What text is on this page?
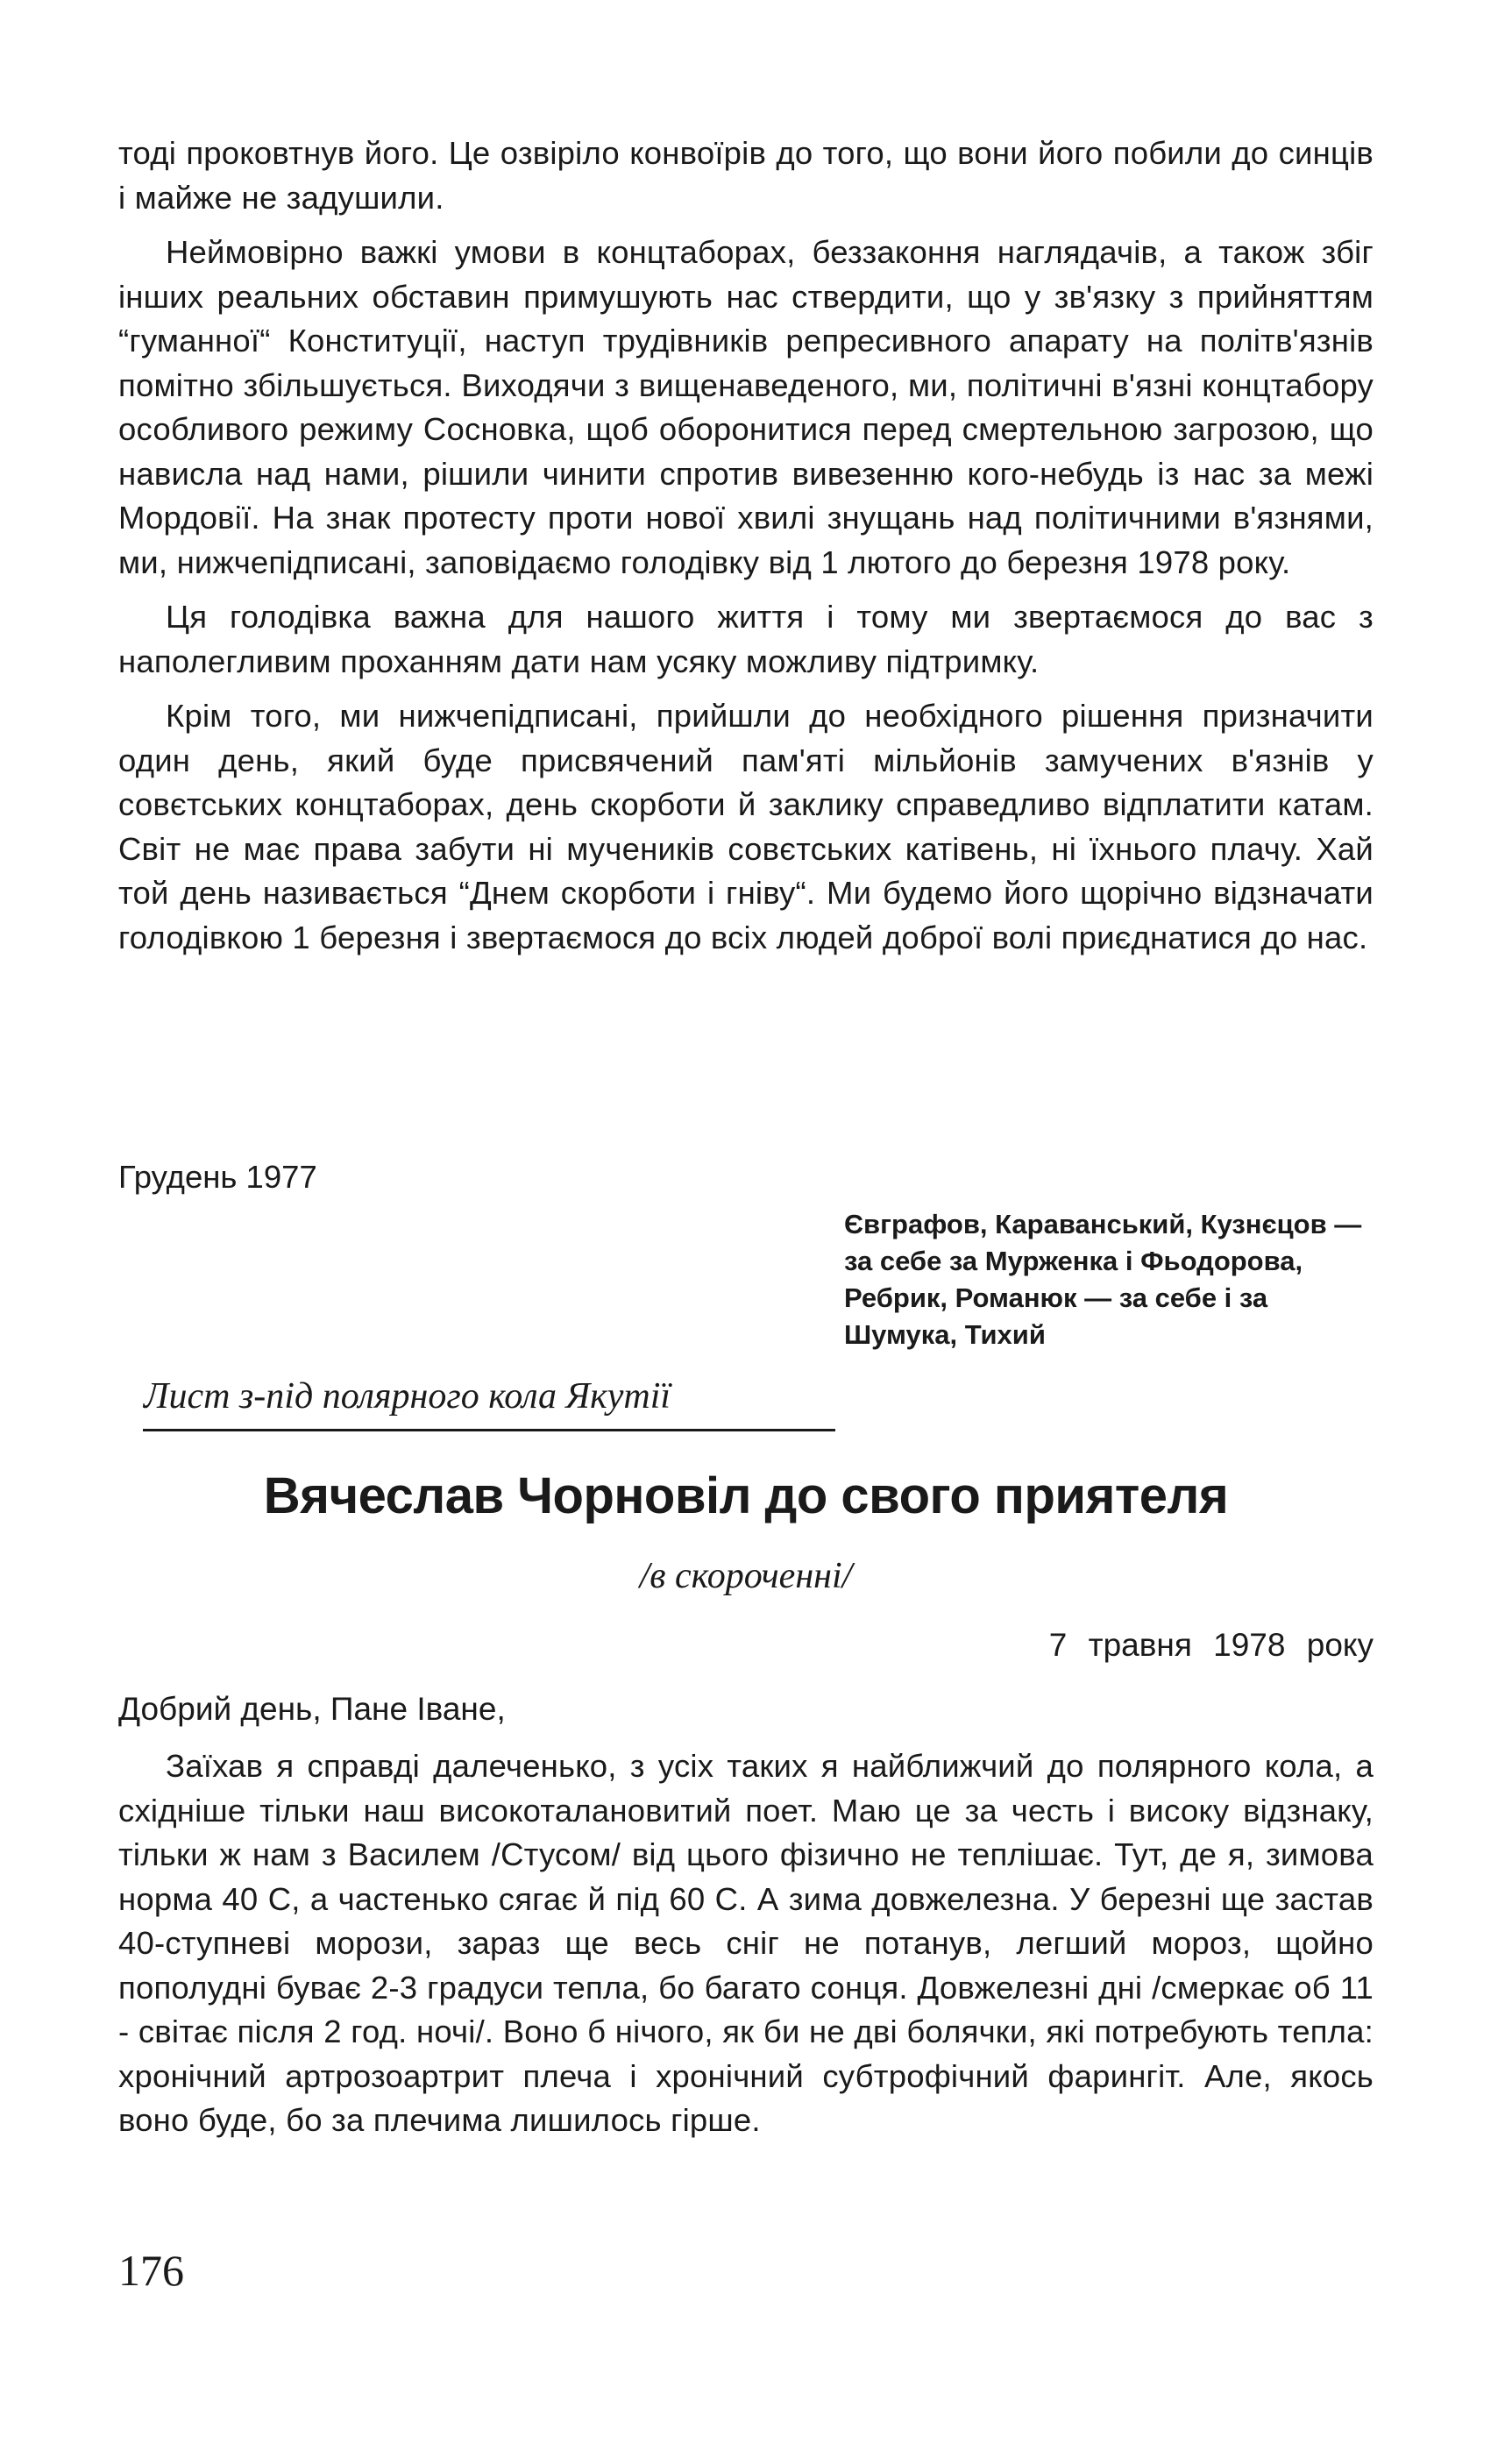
тоді проковтнув його. Це озвіріло конвоїрів до того, що вони його побили до синців і майже не задушили.

Неймовірно важкі умови в концтаборах, беззаконня наглядачів, а також збіг інших реальних обставин примушують нас ствердити, що у зв'язку з прийняттям “гуманної“ Конституції, наступ трудівників репресивного апарату на політв'язнів помітно збільшується. Виходячи з вищенаведеного, ми, політичні в'язні концтабору особливого режиму Сосновка, щоб оборонитися перед смертельною загрозою, що нависла над нами, рішили чинити спротив вивезенню кого-небудь із нас за межі Мордовії. На знак протесту проти нової хвилі знущань над політичними в'язнями, ми, нижчепідписані, заповідаємо голодівку від 1 лютого до березня 1978 року.

Ця голодівка важна для нашого життя і тому ми звертаємося до вас з наполегливим проханням дати нам усяку можливу підтримку.

Крім того, ми нижчепідписані, прийшли до необхідного рішення призначити один день, який буде присвячений пам'яті мільйонів замучених в'язнів у совєтських концтаборах, день скорботи й заклику справедливо відплатити катам. Світ не має права забути ні мучеників совєтських катівень, ні їхнього плачу. Хай той день називається “Днем скорботи і гніву“. Ми будемо його щорічно відзначати голодівкою 1 березня і звертаємося до всіх людей доброї волі приєднатися до нас.

Грудень 1977

Євграфов, Караванський, Кузнєцов — за себе за Мурженка і Фьодорова, Ребрик, Романюк — за себе і за Шумука, Тихий

Лист з-під полярного кола Якутії
Вячеслав Чорновіл до свого приятеля
/в скороченні/
7 травня 1978 року
Добрий день, Пане Іване,

Заїхав я справді далеченько, з усіх таких я найближчий до полярного кола, а східніше тільки наш високоталановитий поет. Маю це за честь і високу відзнаку, тільки ж нам з Василем /Стусом/ від цього фізично не теплішає. Тут, де я, зимова норма 40 С, а частенько сягає й під 60 С. А зима довжелезна. У березні ще застав 40-ступневі морози, зараз ще весь сніг не потанув, легший мороз, щойно пополудні буває 2-3 градуси тепла, бо багато сонця. Довжелезні дні /смеркає об 11 - світає після 2 год. ночі/. Воно б нічого, як би не дві болячки, які потребують тепла: хронічний артрозоартрит плеча і хронічний субтрофічний фарингіт. Але, якось воно буде, бо за плечима лишилось гірше.

176
